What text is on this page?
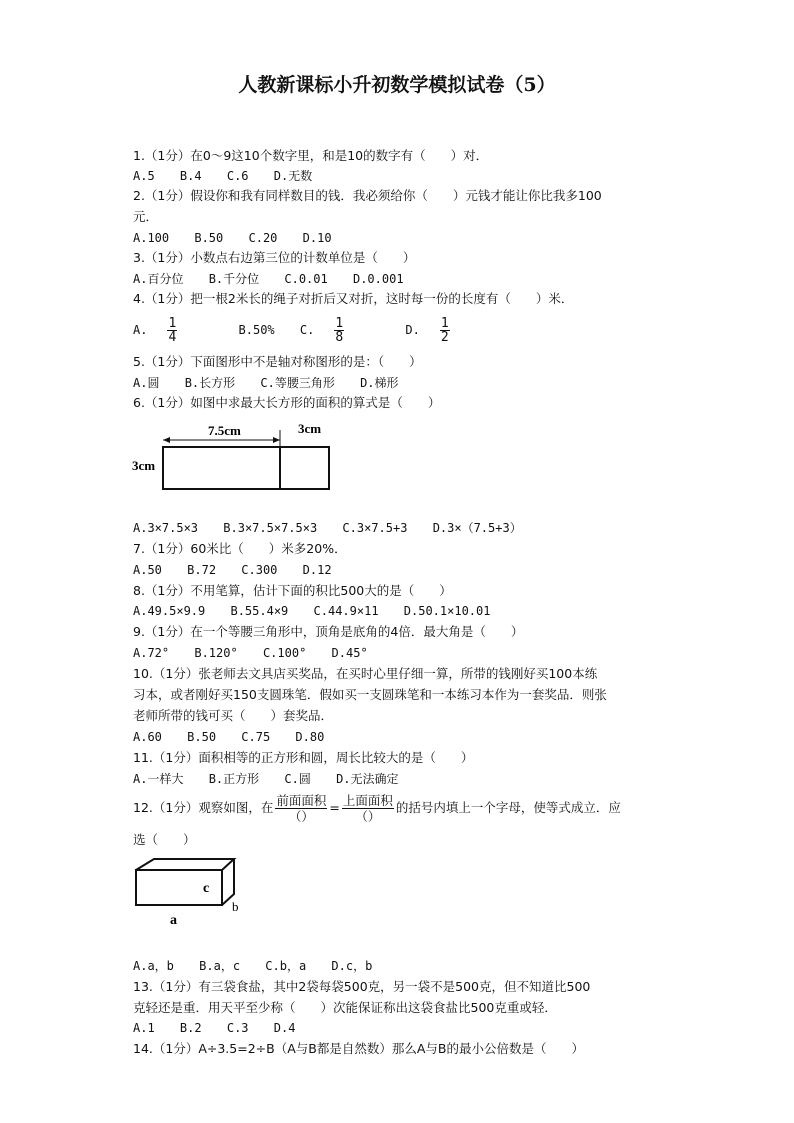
人教新课标小升初数学模拟试卷（5）
1.（1分）在0～9这10个数字里，和是10的数字有（　　）对．
A.5 B.4 C.6 D.无数
2.（1分）假设你和我有同样数目的钱．我必须给你（　　）元钱才能让你比我多100
元．
A.100 B.50 C.20 D.10
3.（1分）小数点右边第三位的计数单位是（　　）
A.百分位 B.千分位 C.0.01 D.0.001
4.（1分）把一根2米长的绳子对折后又对折，这时每一份的长度有（　　）米．
A. $\frac{1}{4}$	B.50% C. $\frac{1}{8}$	D. $\frac{1}{2}$
5.（1分）下面图形中不是轴对称图形的是：（　　）
A.圆 B.长方形 C.等腰三角形 D.梯形
6.（1分）如图中求最大长方形的面积的算式是（　　）
7.5cm	3cm
3cm
A.3×7.5×3 B.3×7.5×7.5×3 C.3×7.5+3 D.3×（7.5+3）
7.（1分）60米比（　　）米多20%．
A.50 B.72 C.300 D.12
8.（1分）不用笔算，估计下面的积比500大的是（　　）
A.49.5×9.9 B.55.4×9 C.44.9×11 D.50.1×10.01
9.（1分）在一个等腰三角形中，顶角是底角的4倍．最大角是（　　）
A.72° B.120° C.100° D.45°
10.（1分）张老师去文具店买奖品，在买时心里仔细一算，所带的钱刚好买100本练
习本，或者刚好买150支圆珠笔．假如买一支圆珠笔和一本练习本作为一套奖品．则张
老师所带的钱可买（　　）套奖品．
A.60 B.50 C.75 D.80
11.（1分）面积相等的正方形和圆，周长比较大的是（　　）
A.一样大 B.正方形 C.圆 D.无法确定
12.（1分）观察如图，在 $\frac{\text{前面面积}}{()} = \frac{\text{上面面积}}{()}$ 的括号内填上一个字母，使等式成立．应
选（　　）
c
a
b
A.a，b B.a，c C.b，a D.c，b
13.（1分）有三袋食盐，其中2袋每袋500克，另一袋不是500克，但不知道比500
克轻还是重．用天平至少称（　　）次能保证称出这袋食盐比500克重或轻．
A.1 B.2 C.3 D.4
14.（1分）A÷3.5=2÷B（A与B都是自然数）那么A与B的最小公倍数是（　　）
